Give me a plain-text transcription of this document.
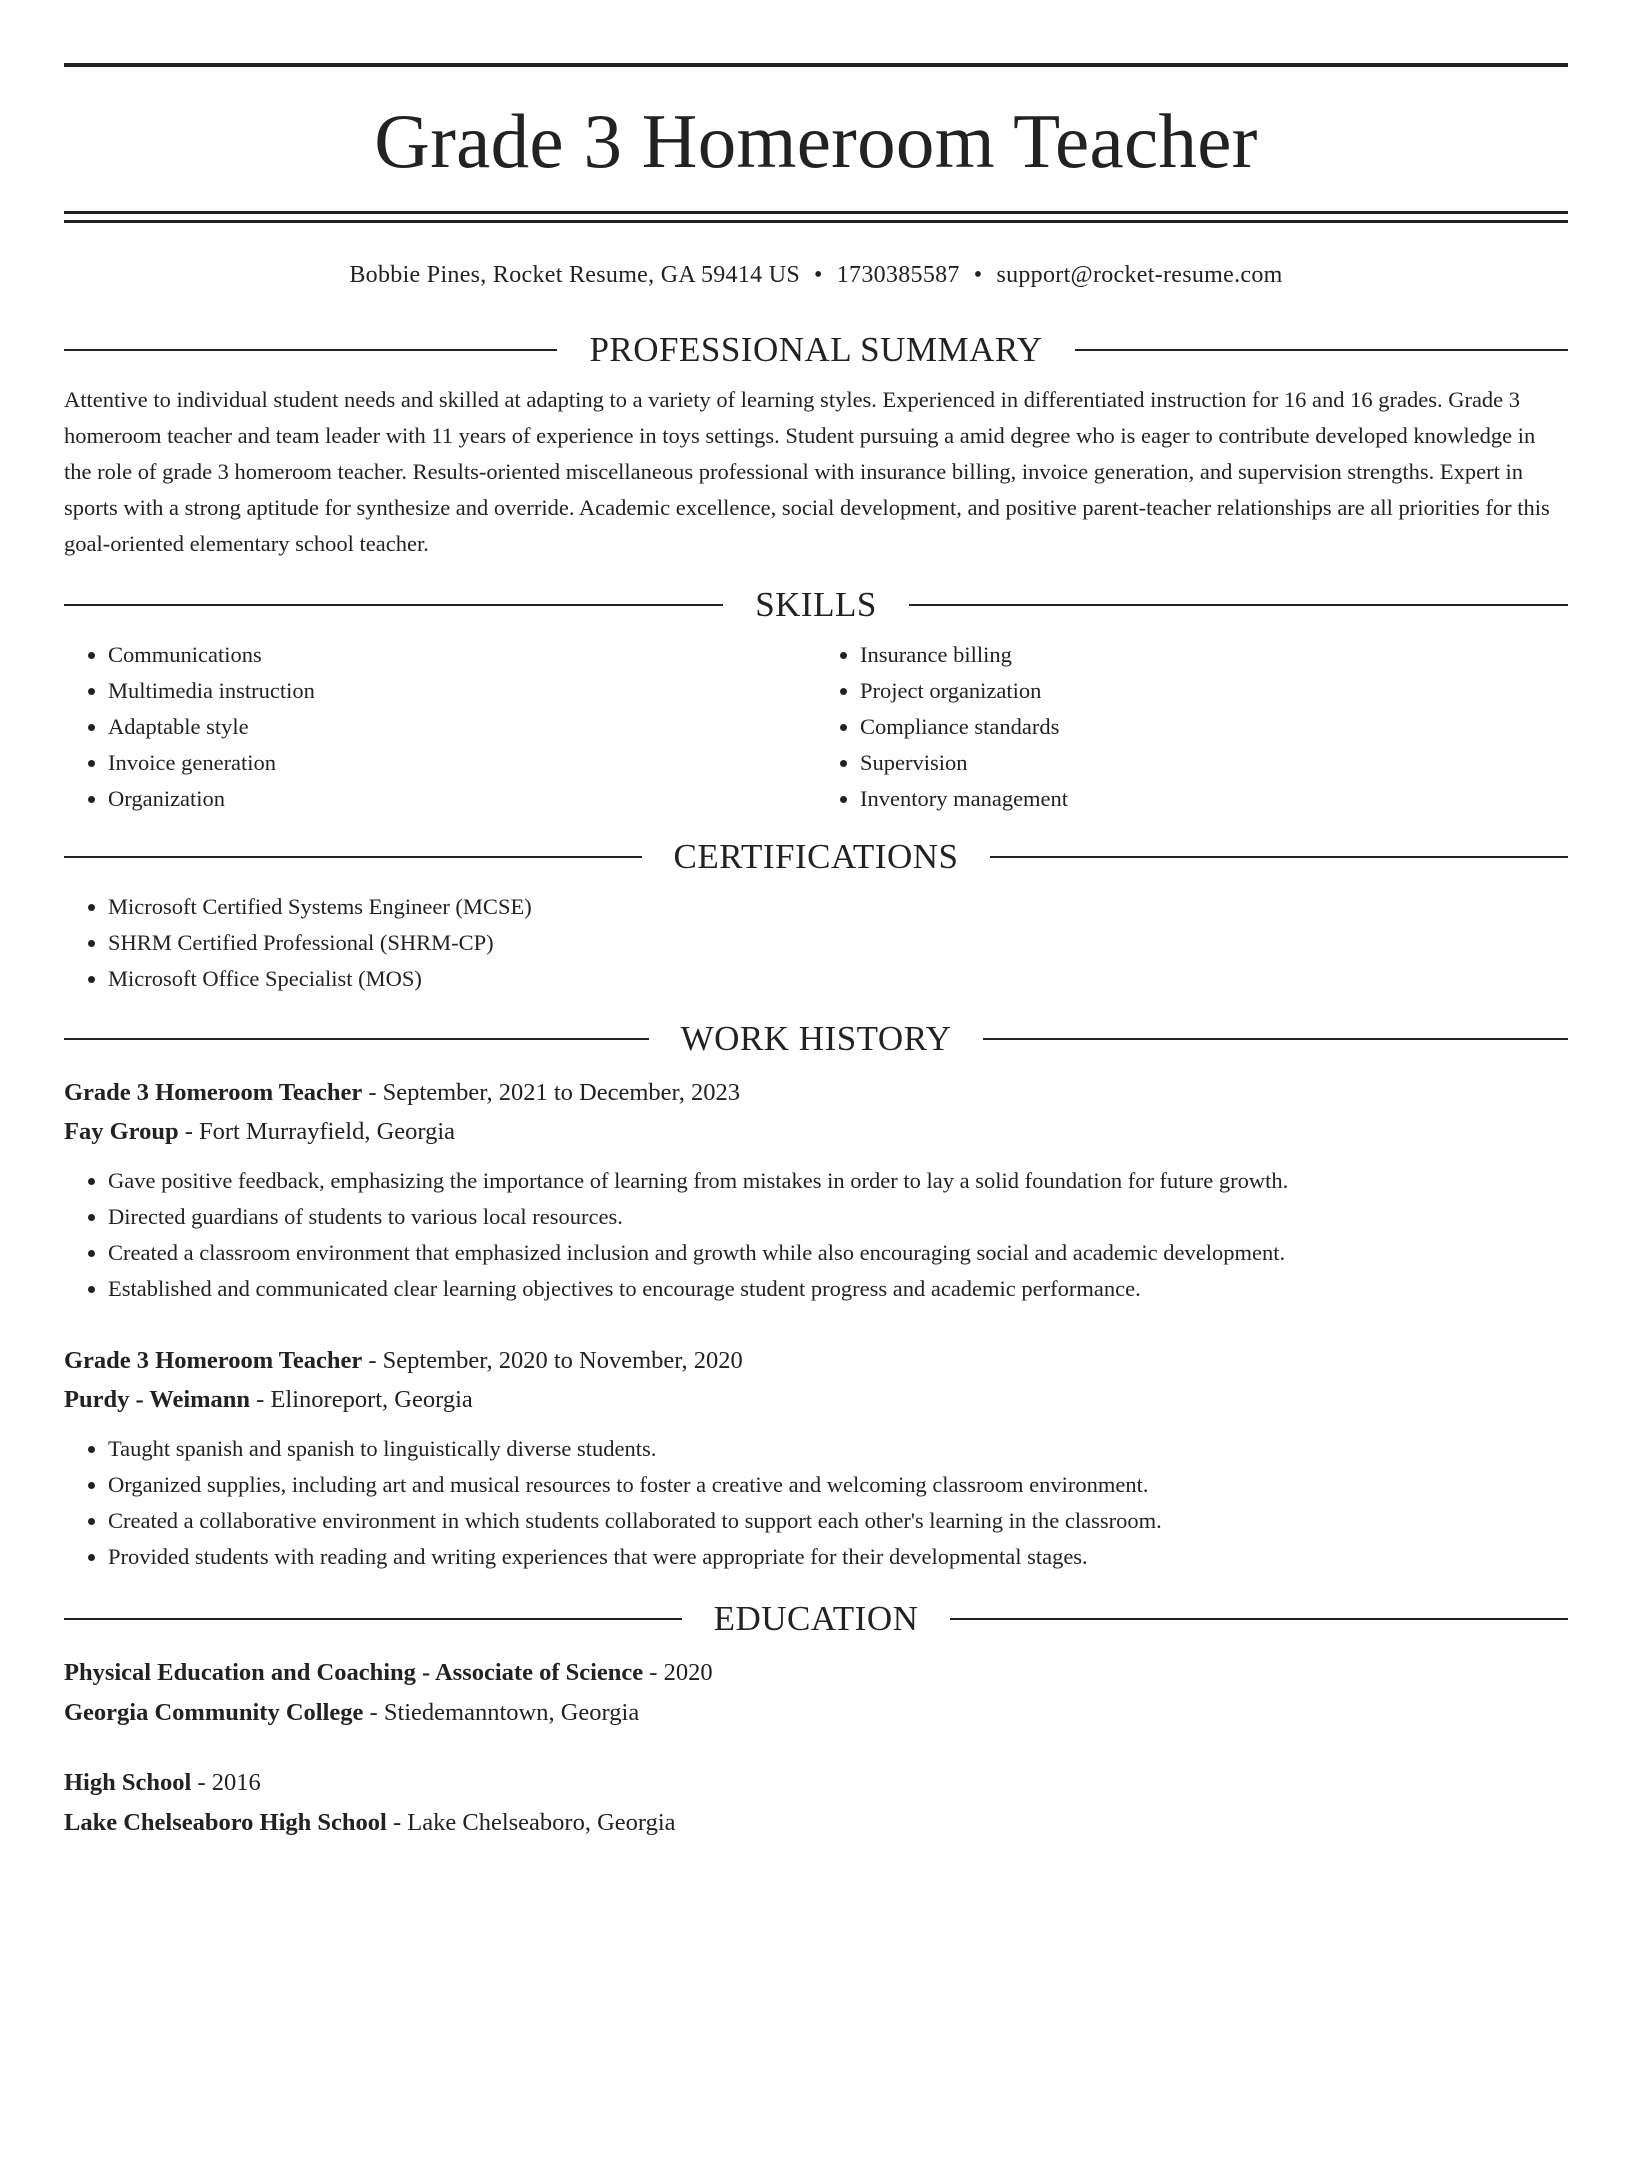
Grade 3 Homeroom Teacher
Bobbie Pines, Rocket Resume, GA 59414 US • 1730385587 • support@rocket-resume.com
PROFESSIONAL SUMMARY

Attentive to individual student needs and skilled at adapting to a variety of learning styles. Experienced in differentiated instruction for 16 and 16 grades. Grade 3 homeroom teacher and team leader with 11 years of experience in toys settings. Student pursuing a amid degree who is eager to contribute developed knowledge in the role of grade 3 homeroom teacher. Results-oriented miscellaneous professional with insurance billing, invoice generation, and supervision strengths. Expert in sports with a strong aptitude for synthesize and override. Academic excellence, social development, and positive parent-teacher relationships are all priorities for this goal-oriented elementary school teacher.

SKILLS
• Communications
• Multimedia instruction
• Adaptable style
• Invoice generation
• Organization
• Insurance billing
• Project organization
• Compliance standards
• Supervision
• Inventory management
CERTIFICATIONS
• Microsoft Certified Systems Engineer (MCSE)
• SHRM Certified Professional (SHRM-CP)
• Microsoft Office Specialist (MOS)
WORK HISTORY
Grade 3 Homeroom Teacher - September, 2021 to December, 2023
Fay Group - Fort Murrayfield, Georgia
• Gave positive feedback, emphasizing the importance of learning from mistakes in order to lay a solid foundation for future growth.
• Directed guardians of students to various local resources.
• Created a classroom environment that emphasized inclusion and growth while also encouraging social and academic development.
• Established and communicated clear learning objectives to encourage student progress and academic performance.
Grade 3 Homeroom Teacher - September, 2020 to November, 2020
Purdy - Weimann - Elinoreport, Georgia
• Taught spanish and spanish to linguistically diverse students.
• Organized supplies, including art and musical resources to foster a creative and welcoming classroom environment.
• Created a collaborative environment in which students collaborated to support each other's learning in the classroom.
• Provided students with reading and writing experiences that were appropriate for their developmental stages.
EDUCATION
Physical Education and Coaching - Associate of Science - 2020
Georgia Community College - Stiedemanntown, Georgia
High School - 2016
Lake Chelseaboro High School - Lake Chelseaboro, Georgia
